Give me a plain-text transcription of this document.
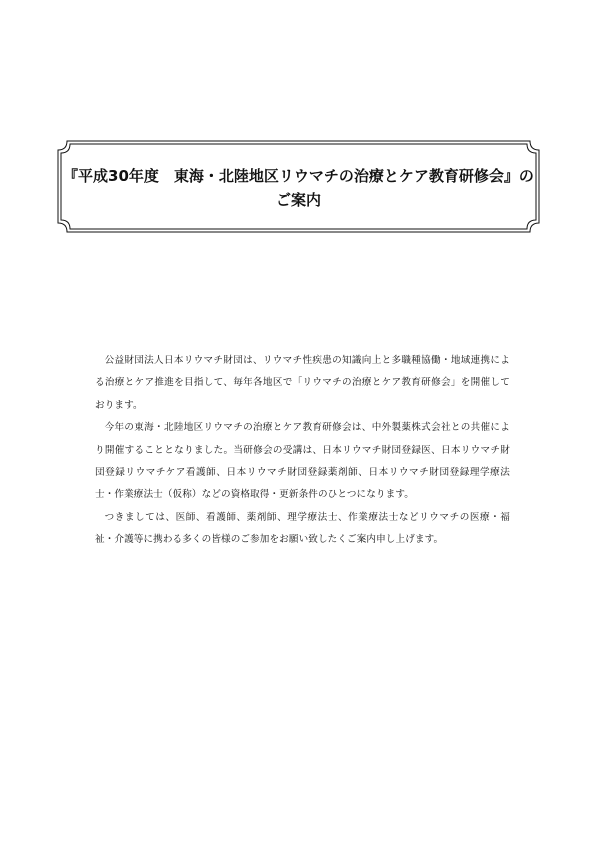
『平成30年度　東海・北陸地区リウマチの治療とケア教育研修会』の
ご案内

公益財団法人日本リウマチ財団は、リウマチ性疾患の知識向上と多職種協働・地域連携による治療とケア推進を目指して、毎年各地区で「リウマチの治療とケア教育研修会」を開催しております。

今年の東海・北陸地区リウマチの治療とケア教育研修会は、中外製薬株式会社との共催により開催することとなりました。当研修会の受講は、日本リウマチ財団登録医、日本リウマチ財団登録リウマチケア看護師、日本リウマチ財団登録薬剤師、日本リウマチ財団登録理学療法士・作業療法士（仮称）などの資格取得・更新条件のひとつになります。

つきましては、医師、看護師、薬剤師、理学療法士、作業療法士などリウマチの医療・福祉・介護等に携わる多くの皆様のご参加をお願い致したくご案内申し上げます。
